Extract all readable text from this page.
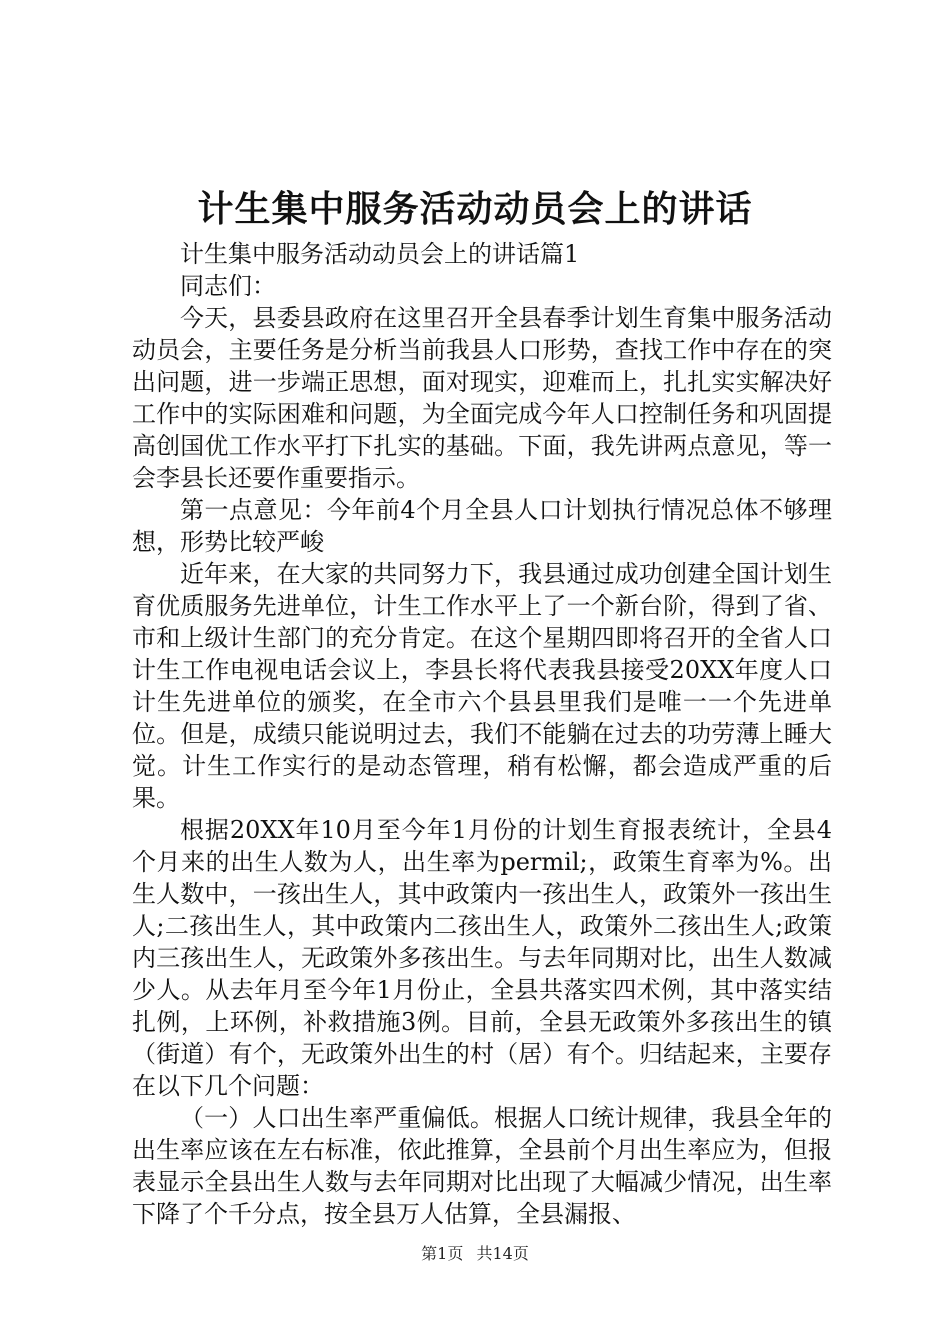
计生集中服务活动动员会上的讲话

计生集中服务活动动员会上的讲话篇1

同志们：

今天，县委县政府在这里召开全县春季计划生育集中服务活动动员会，主要任务是分析当前我县人口形势，查找工作中存在的突出问题，进一步端正思想，面对现实，迎难而上，扎扎实实解决好工作中的实际困难和问题，为全面完成今年人口控制任务和巩固提高创国优工作水平打下扎实的基础。下面，我先讲两点意见，等一会李县长还要作重要指示。

第一点意见：今年前4个月全县人口计划执行情况总体不够理想，形势比较严峻

近年来，在大家的共同努力下，我县通过成功创建全国计划生育优质服务先进单位，计生工作水平上了一个新台阶，得到了省、市和上级计生部门的充分肯定。在这个星期四即将召开的全省人口计生工作电视电话会议上，李县长将代表我县接受20XX年度人口计生先进单位的颁奖，在全市六个县县里我们是唯一一个先进单位。但是，成绩只能说明过去，我们不能躺在过去的功劳薄上睡大觉。计生工作实行的是动态管理，稍有松懈，都会造成严重的后果。

根据20XX年10月至今年1月份的计划生育报表统计，全县4个月来的出生人数为人，出生率为permil;，政策生育率为%。出生人数中，一孩出生人，其中政策内一孩出生人，政策外一孩出生人;二孩出生人，其中政策内二孩出生人，政策外二孩出生人;政策内三孩出生人，无政策外多孩出生。与去年同期对比，出生人数减少人。从去年月至今年1月份止，全县共落实四术例，其中落实结扎例，上环例，补救措施3例。目前，全县无政策外多孩出生的镇（街道）有个，无政策外出生的村（居）有个。归结起来，主要存在以下几个问题：

（一）人口出生率严重偏低。根据人口统计规律，我县全年的出生率应该在左右标准，依此推算，全县前个月出生率应为，但报表显示全县出生人数与去年同期对比出现了大幅减少情况，出生率下降了个千分点，按全县万人估算，全县漏报、

第1页 共14页
